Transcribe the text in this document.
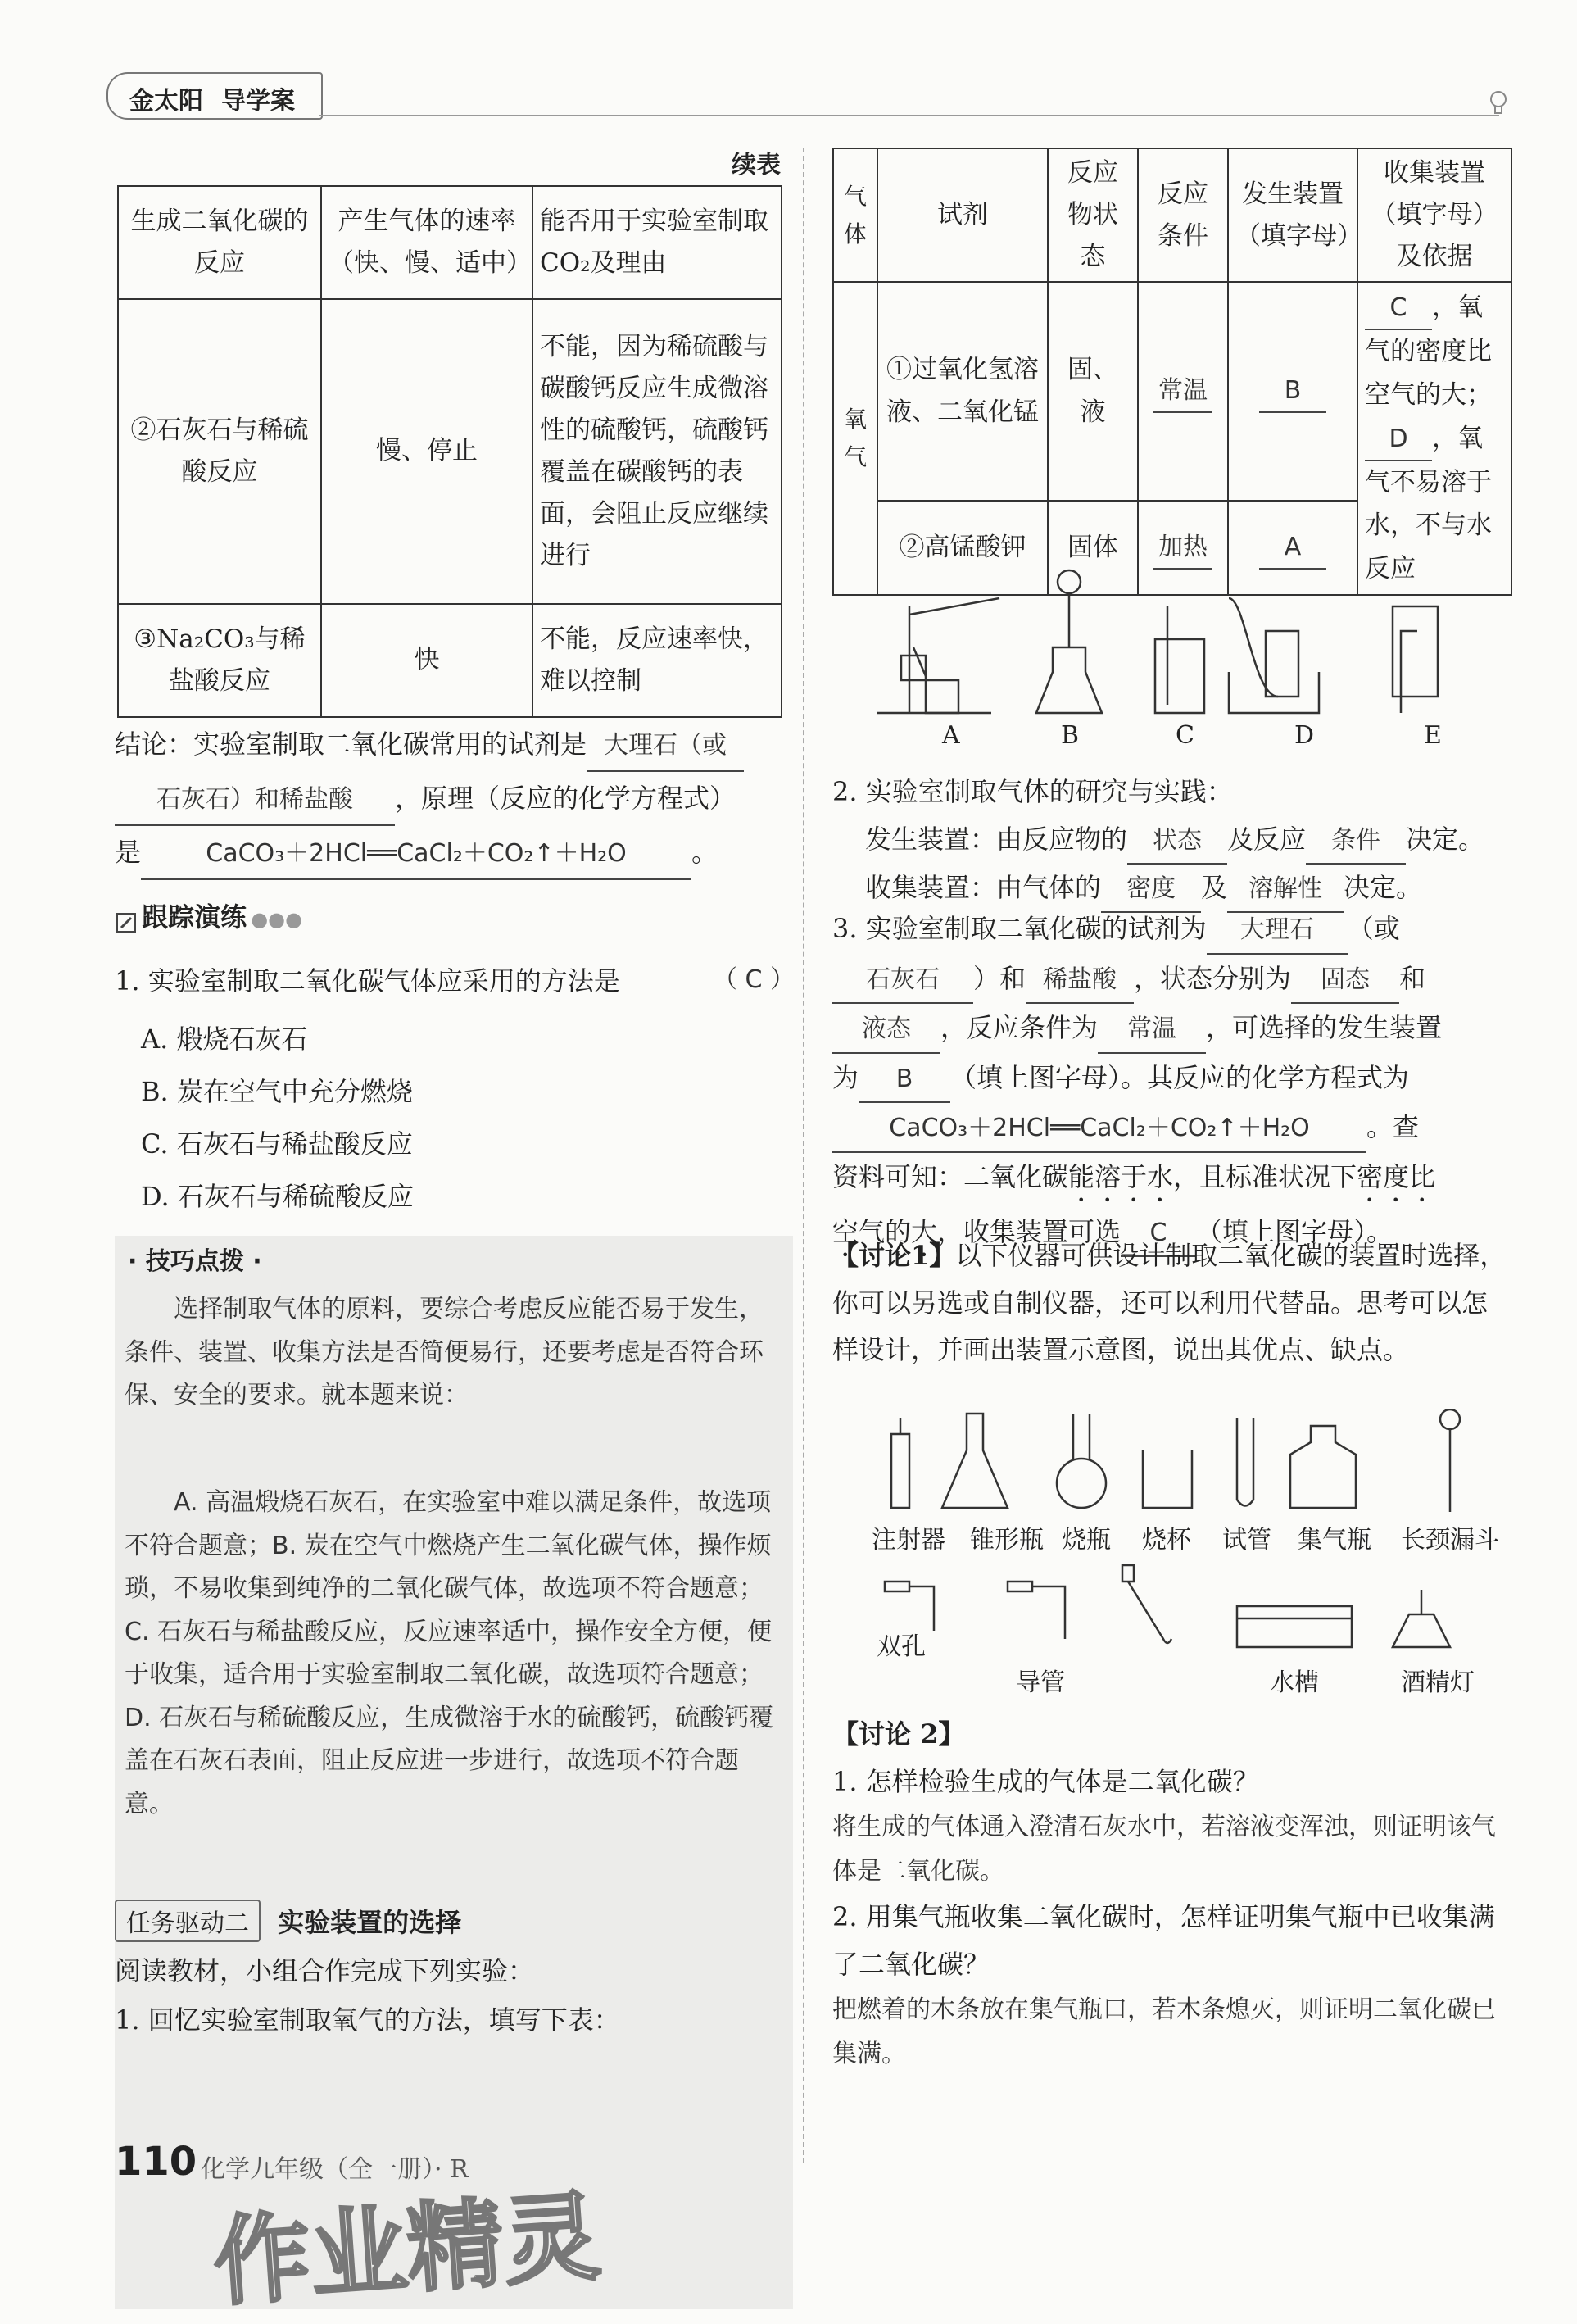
金太阳 导学案
续表
生成二氧化碳的反应	产生气体的速率（快、慢、适中）	能否用于实验室制取CO₂及理由
②石灰石与稀硫酸反应	慢、停止	不能，因为稀硫酸与碳酸钙反应生成微溶性的硫酸钙，硫酸钙覆盖在碳酸钙的表面，会阻止反应继续进行
③Na₂CO₃与稀盐酸反应	快	不能，反应速率快，难以控制
结论：实验室制取二氧化碳常用的试剂是 大理石（或
石灰石）和稀盐酸 ，原理（反应的化学方程式）
是	CaCO₃＋2HCl══CaCl₂＋CO₂↑＋H₂O 。
跟踪演练 ●●●
1. 实验室制取二氧化碳气体应采用的方法是	（ C ）
A. 煅烧石灰石
B. 炭在空气中充分燃烧
C. 石灰石与稀盐酸反应
D. 石灰石与稀硫酸反应
· 技巧点拨 ·
选择制取气体的原料，要综合考虑反应能否易于发生，条件、装置、收集方法是否简便易行，还要考虑是否符合环保、安全的要求。就本题来说：
A. 高温煅烧石灰石，在实验室中难以满足条件，故选项不符合题意；B. 炭在空气中燃烧产生二氧化碳气体，操作烦琐，不易收集到纯净的二氧化碳气体，故选项不符合题意；C. 石灰石与稀盐酸反应，反应速率适中，操作安全方便，便于收集，适合用于实验室制取二氧化碳，故选项符合题意；D. 石灰石与稀硫酸反应，生成微溶于水的硫酸钙，硫酸钙覆盖在石灰石表面，阻止反应进一步进行，故选项不符合题意。
任务驱动二 实验装置的选择
阅读教材，小组合作完成下列实验：
1. 回忆实验室制取氧气的方法，填写下表：
气体	试剂	反应物状态	反应条件	发生装置（填字母）	收集装置（填字母）及依据
氧气	①过氧化氢溶液、二氧化锰	固、液	常温	B	C ，氧气的密度比空气的大；
D ，氧气不易溶于水，不与水反应
	②高锰酸钾	固体	加热	A	
A	B	C	D	E
2. 实验室制取气体的研究与实践：
发生装置：由反应物的 状态 及反应 条件 决定。
收集装置：由气体的 密度 及 溶解性 决定。
3. 实验室制取二氧化碳的试剂为 大理石 （或
石灰石 ）和 稀盐酸 ，状态分别为 固态 和
液态 ，反应条件为 常温 ，可选择的发生装置
为 B （填上图字母）。其反应的化学方程式为
CaCO₃＋2HCl══CaCl₂＋CO₂↑＋H₂O 。查
资料可知：二氧化碳能溶于水，且标准状况下密度比
空气的大，收集装置可选 C （填上图字母）。
【讨论1】以下仪器可供设计制取二氧化碳的装置时选择，你可以另选或自制仪器，还可以利用代替品。思考可以怎样设计，并画出装置示意图，说出其优点、缺点。
注射器 锥形瓶 烧瓶 烧杯 试管 集气瓶 长颈漏斗
双孔
导管	水槽	酒精灯
【讨论 2】
1. 怎样检验生成的气体是二氧化碳？
将生成的气体通入澄清石灰水中，若溶液变浑浊，则证明该气体是二氧化碳。
2. 用集气瓶收集二氧化碳时，怎样证明集气瓶中已收集满了二氧化碳？
把燃着的木条放在集气瓶口，若木条熄灭，则证明二氧化碳已集满。
110 化学九年级（全一册）· R
作业精灵
